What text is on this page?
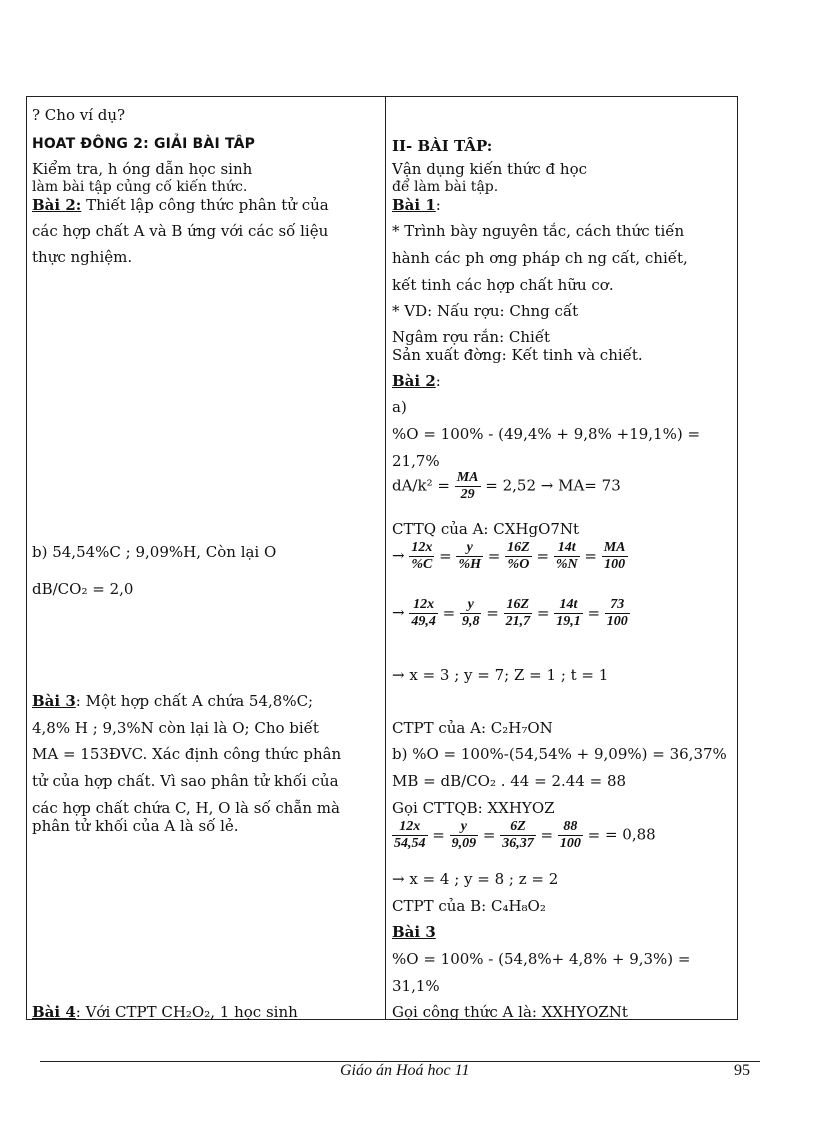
? Cho ví dụ?
HOAT ĐÔNG 2: GIẢI BÀI TÂP
Kiểm tra, h óng dẫn học sinh
làm bài tập củng cố kiến thức.
Bài 2: Thiết lập công thức phân tử của
các hợp chất A và B ứng với các số liệu
thực nghiệm.
b) 54,54%C ; 9,09%H, Còn lại O
dB/CO₂ = 2,0
Bài 3: Một hợp chất A chứa 54,8%C;
4,8% H ; 9,3%N còn lại là O; Cho biết
MA = 153ĐVC. Xác định công thức phân
tử của hợp chất. Vì sao phân tử khối của
các hợp chất chứa C, H, O là số chẵn mà
phân tử khối của A là số lẻ.
Bài 4: Với CTPT CH₂O₂, 1 học sinh
II- BÀI TÂP:
Vận dụng kiến thức đ học
để làm bài tập.
Bài 1:
* Trình bày nguyên tắc, cách thức tiến
hành các ph ơng pháp ch ng cất, chiết,
kết tinh các hợp chất hữu cơ.
* VD: Nấu rợu: Chng cất
Ngâm rợu rắn: Chiết
Sản xuất đờng: Kết tinh và chiết.
Bài 2:
a)
%O = 100% - (49,4% + 9,8% +19,1%) =
21,7%
$dA/k^2 = \frac{MA}{29} = 2,52 \to MA= 73$
CTTQ của A: CXHgO7Nt
→ $\frac{12x}{\%C} = \frac{y}{\%H} = \frac{16Z}{\%O} = \frac{14t}{\%N} = \frac{MA}{100}$
→ $\frac{12x}{49,4} = \frac{y}{9,8} = \frac{16Z}{21,7} = \frac{14t}{19,1} = \frac{73}{100}$
→ x = 3 ; y = 7; Z = 1 ; t = 1
CTPT của A: C₂H₇ON
b) %O = 100%-(54,54% + 9,09%) = 36,37%
MB = dB/CO₂ . 44 = 2.44 = 88
Gọi CTTQB: XXHYOZ
$\frac{12x}{54,54} = \frac{y}{9,09} = \frac{6Z}{36,37} = \frac{88}{100}$ = = 0,88
→ x = 4 ; y = 8 ; z = 2
CTPT của B: C₄H₈O₂
Bài 3
%O = 100% - (54,8%+ 4,8% + 9,3%) =
31,1%
Gọi công thức A là: XXHYOZNt
Giáo án Hoá hoc 11	95
